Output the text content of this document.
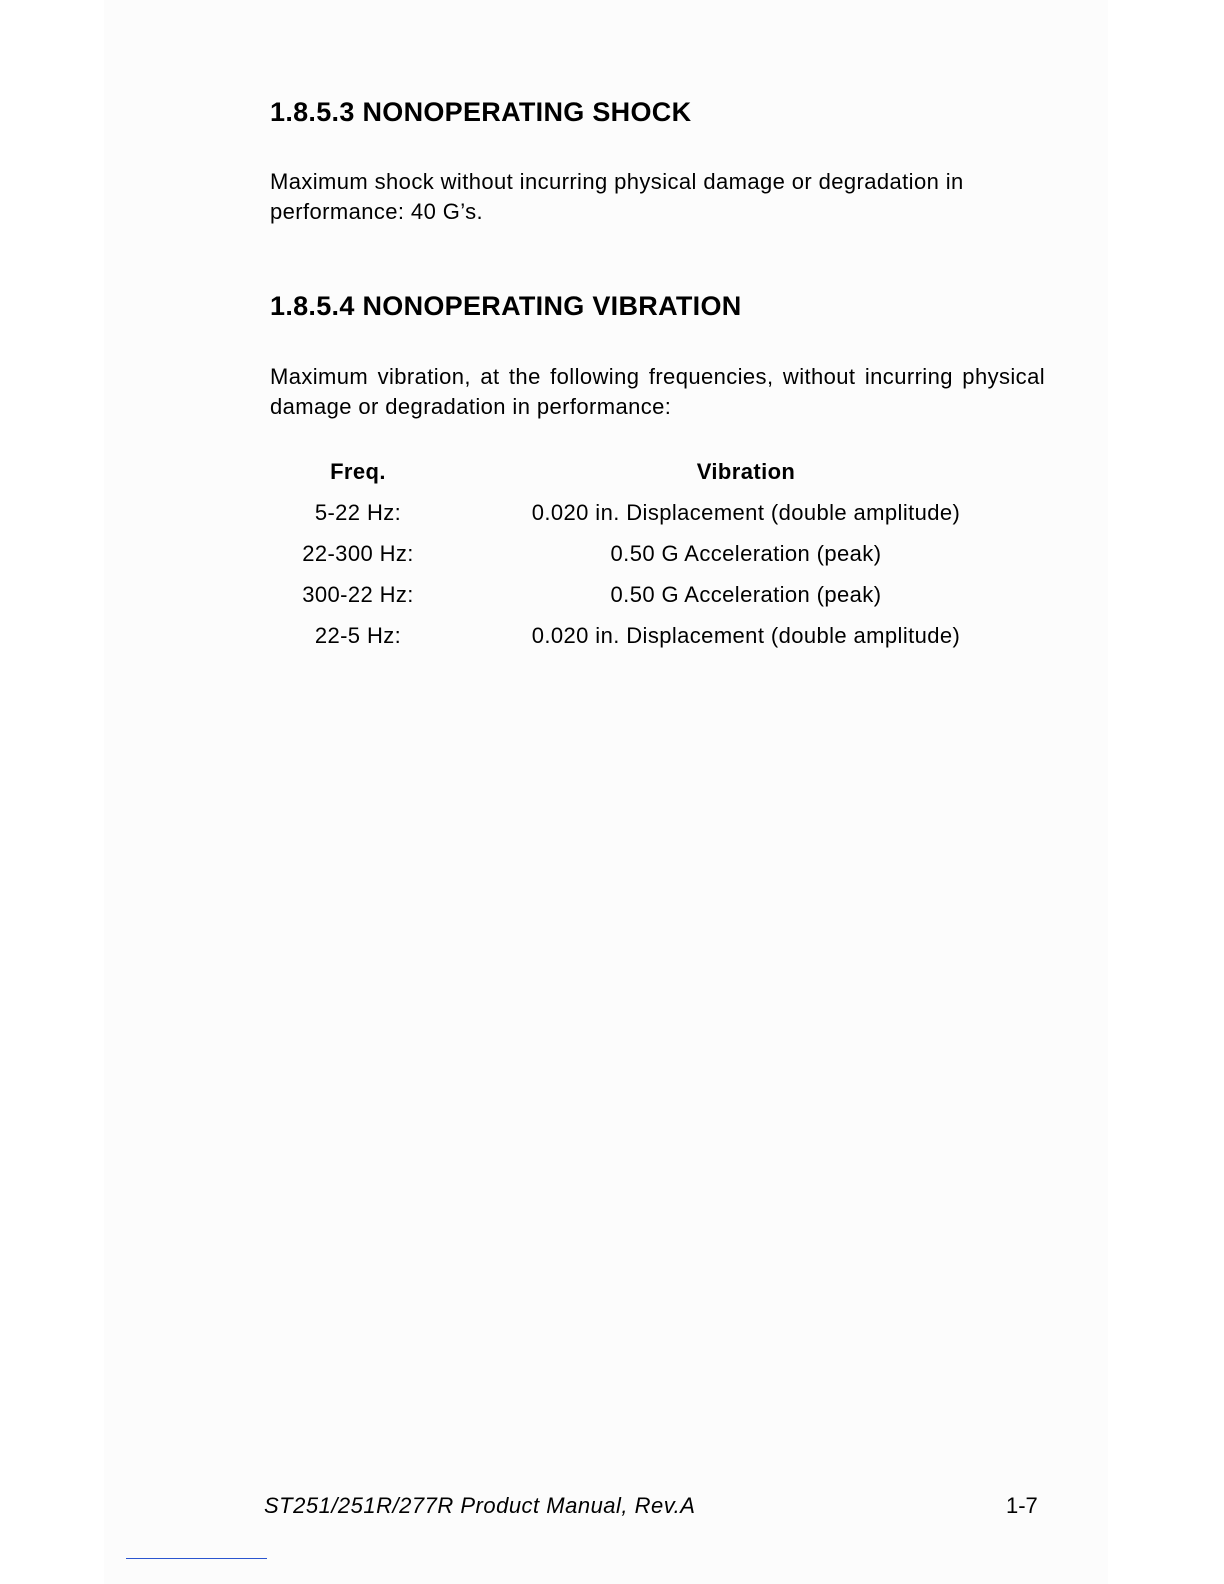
1.8.5.3 NONOPERATING SHOCK

Maximum shock without incurring physical damage or degradation in performance: 40 G’s.

1.8.5.4 NONOPERATING VIBRATION

Maximum vibration, at the following frequencies, without incurring physical damage or degradation in performance:

Freq.	Vibration
5-22 Hz:	0.020 in. Displacement (double amplitude)
22-300 Hz:	0.50 G Acceleration (peak)
300-22 Hz:	0.50 G Acceleration (peak)
22-5 Hz:	0.020 in. Displacement (double amplitude)

ST251/251R/277R Product Manual, Rev.A	1-7
